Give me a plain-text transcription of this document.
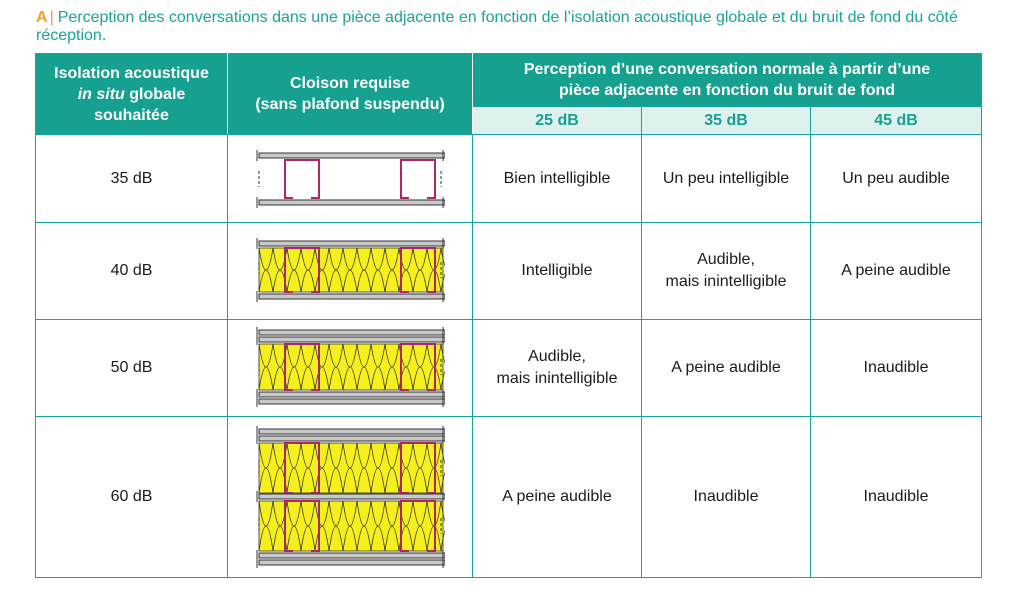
A | Perception des conversations dans une pièce adjacente en fonction de l’isolation acoustique globale et du bruit de fond du côté réception.
Isolation acoustique
in situ globale
souhaitée	Cloison requise
(sans plafond suspendu)	Perception d’une conversation normale à partir d’une
pièce adjacente en fonction du bruit de fond		
		25 dB	35 dB	45 dB
35 dB		Bien intelligible	Un peu intelligible	Un peu audible
40 dB		Intelligible	Audible,
mais inintelligible	A peine audible
50 dB		Audible,
mais inintelligible	A peine audible	Inaudible
60 dB		A peine audible	Inaudible	Inaudible
